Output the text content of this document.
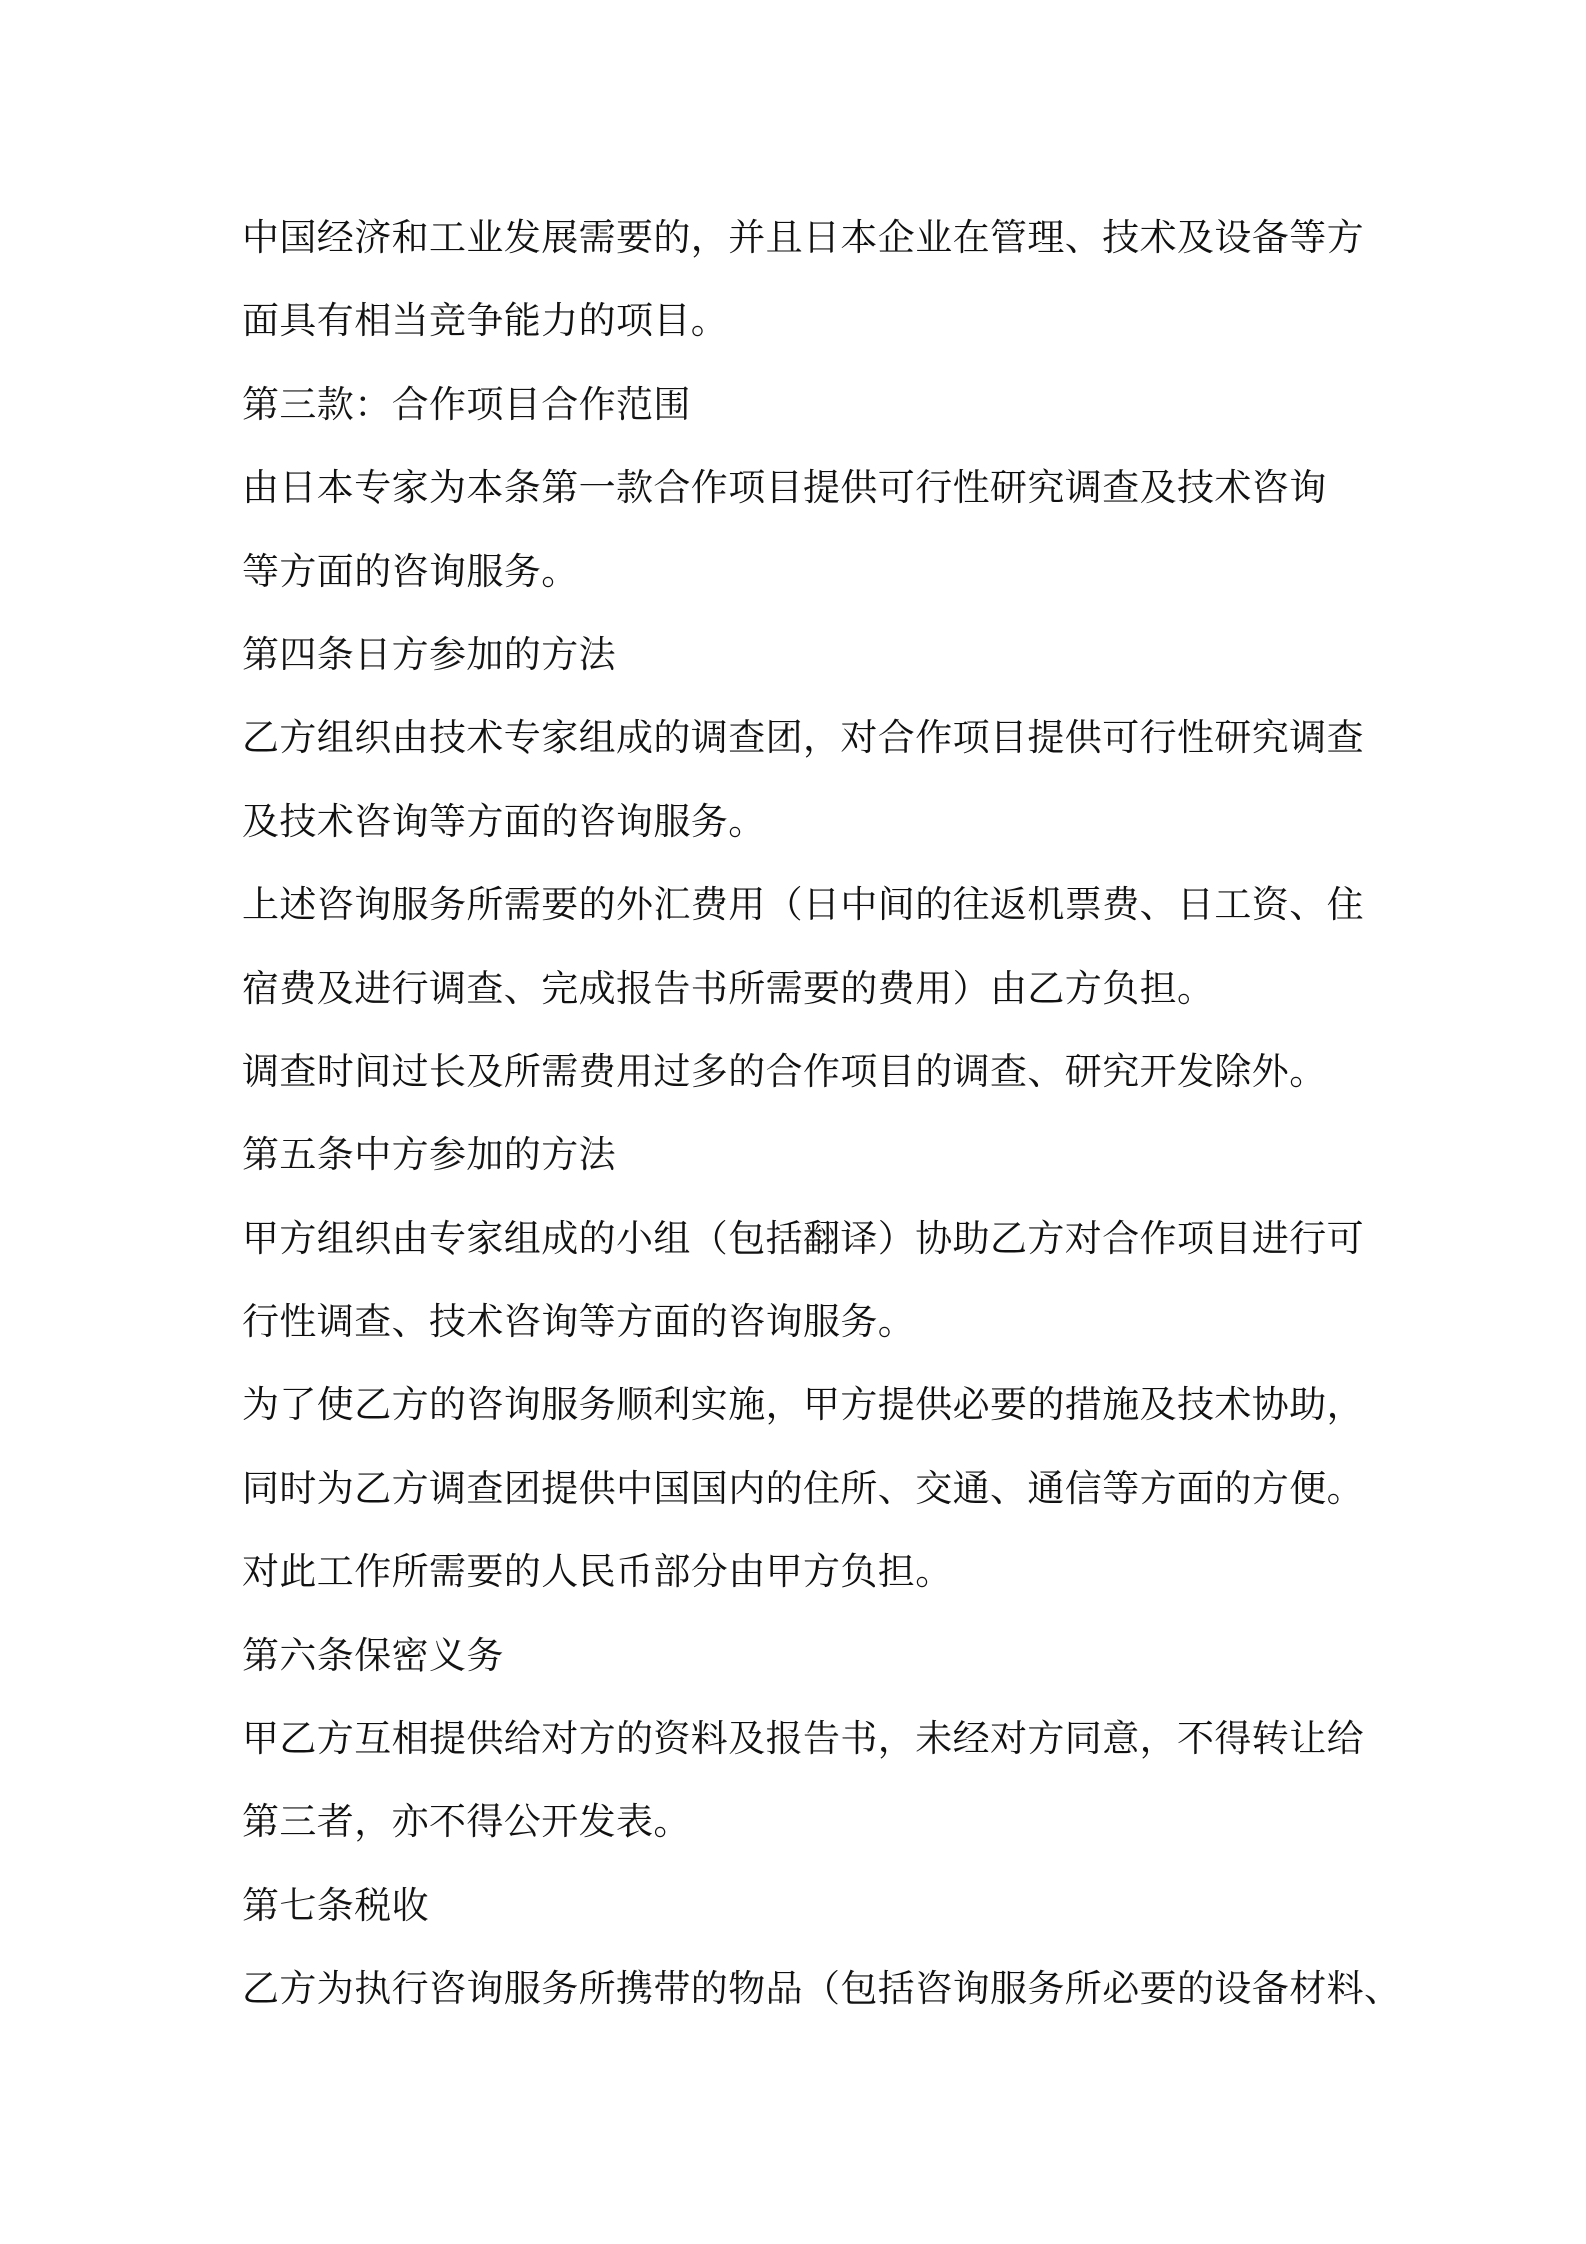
中国经济和工业发展需要的，并且日本企业在管理、技术及设备等方
面具有相当竞争能力的项目。
第三款：合作项目合作范围
由日本专家为本条第一款合作项目提供可行性研究调查及技术咨询
等方面的咨询服务。
第四条日方参加的方法
乙方组织由技术专家组成的调查团，对合作项目提供可行性研究调查
及技术咨询等方面的咨询服务。
上述咨询服务所需要的外汇费用（日中间的往返机票费、日工资、住
宿费及进行调查、完成报告书所需要的费用）由乙方负担。
调查时间过长及所需费用过多的合作项目的调查、研究开发除外。
第五条中方参加的方法
甲方组织由专家组成的小组（包括翻译）协助乙方对合作项目进行可
行性调查、技术咨询等方面的咨询服务。
为了使乙方的咨询服务顺利实施，甲方提供必要的措施及技术协助，
同时为乙方调查团提供中国国内的住所、交通、通信等方面的方便。
对此工作所需要的人民币部分由甲方负担。
第六条保密义务
甲乙方互相提供给对方的资料及报告书，未经对方同意，不得转让给
第三者，亦不得公开发表。
第七条税收
乙方为执行咨询服务所携带的物品（包括咨询服务所必要的设备材料、
